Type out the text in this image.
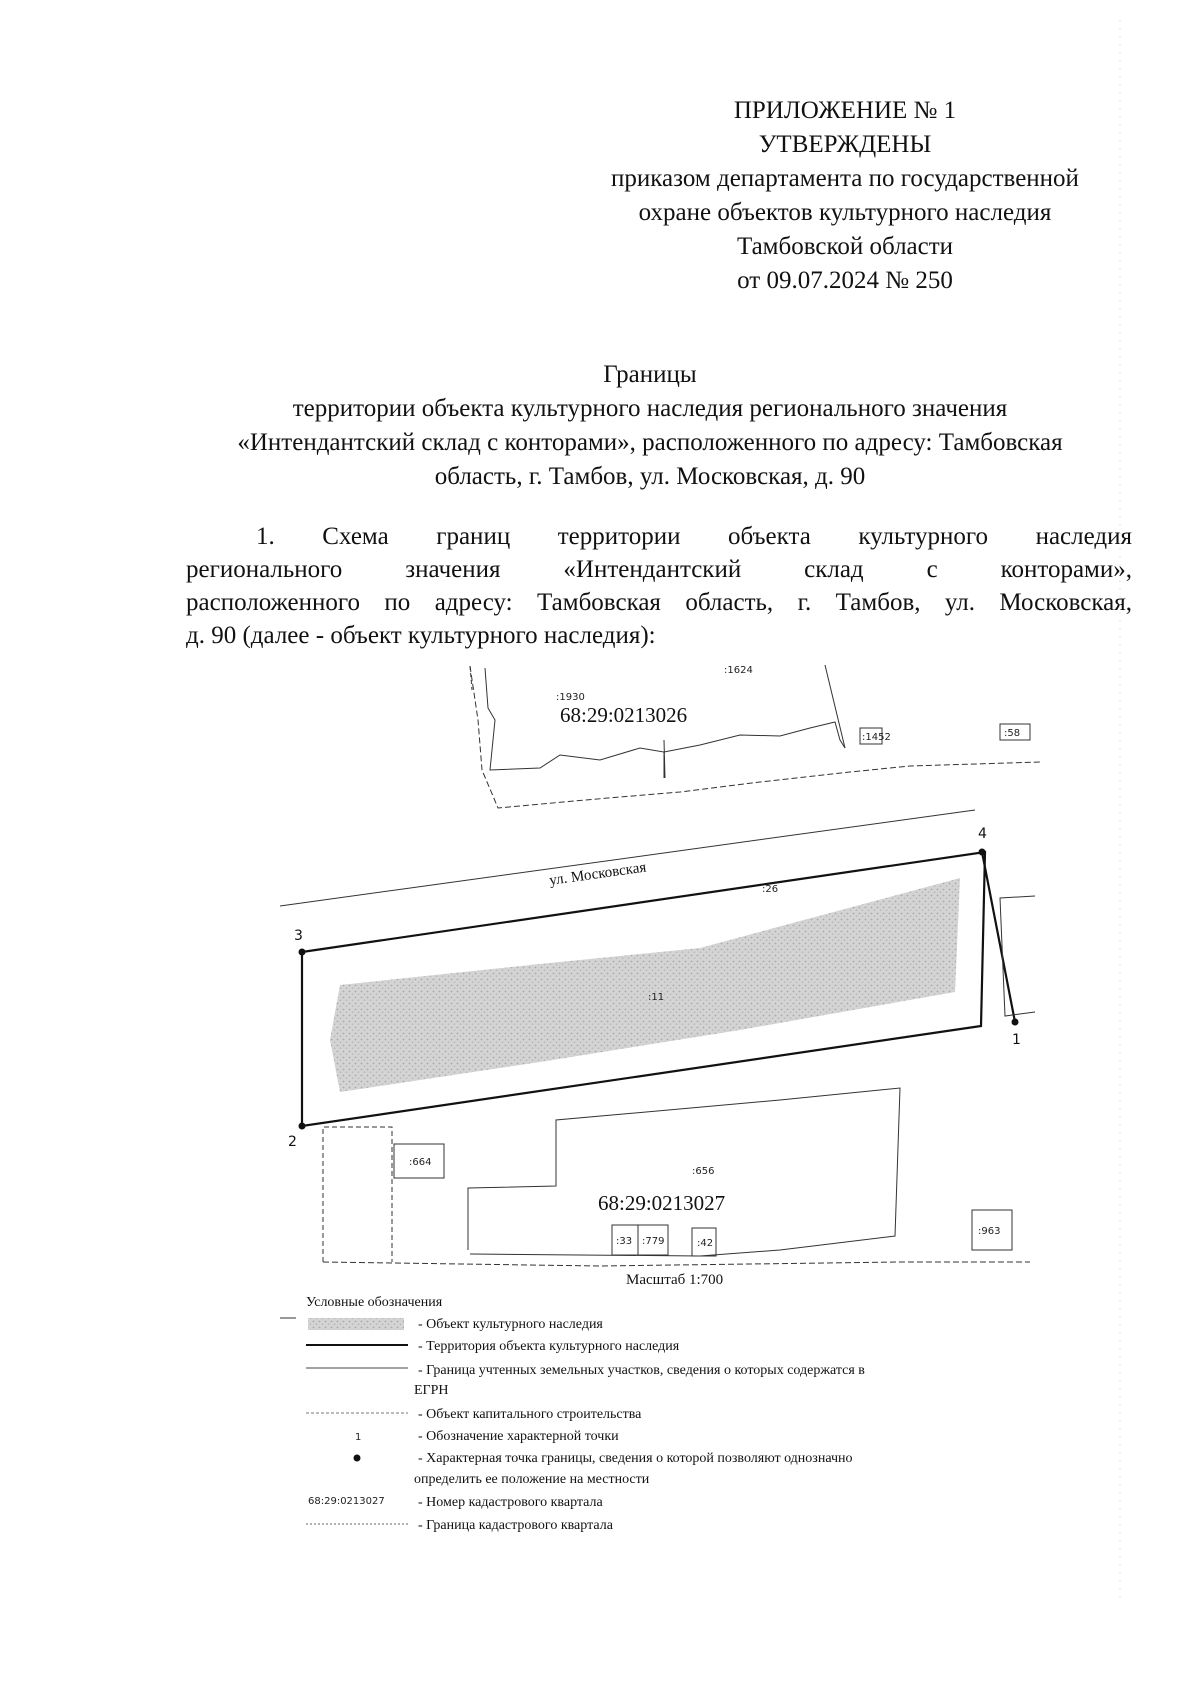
ПРИЛОЖЕНИЕ № 1
УТВЕРЖДЕНЫ
приказом департамента по государственной
охране объектов культурного наследия
Тамбовской области
от 09.07.2024 № 250
Границы
территории объекта культурного наследия регионального значения
«Интендантский склад с конторами», расположенного по адресу: Тамбовская
область, г. Тамбов, ул. Московская, д. 90
1. Схема границ территории объекта культурного наследия
регионального значения «Интендантский склад с конторами»,
расположенного по адресу: Тамбовская область, г. Тамбов, ул. Московская,
д. 90 (далее - объект культурного наследия):
:1930
:1624
:1452	:58
68:29:0213026
ул. Московская
1
2
3
4
:26
:11
:664
:656
:33 :779	:42
:963
68:29:0213027
Масштаб 1:700
Условные обозначения
- Объект культурного наследия
- Территория объекта культурного наследия
- Граница учтенных земельных участков, сведения о которых содержатся в
ЕГРН
- Объект капитального строительства
1	- Обозначение характерной точки
- Характерная точка границы, сведения о которой позволяют однозначно
определить ее положение на местности
68:29:0213027 - Номер кадастрового квартала
- Граница кадастрового квартала
